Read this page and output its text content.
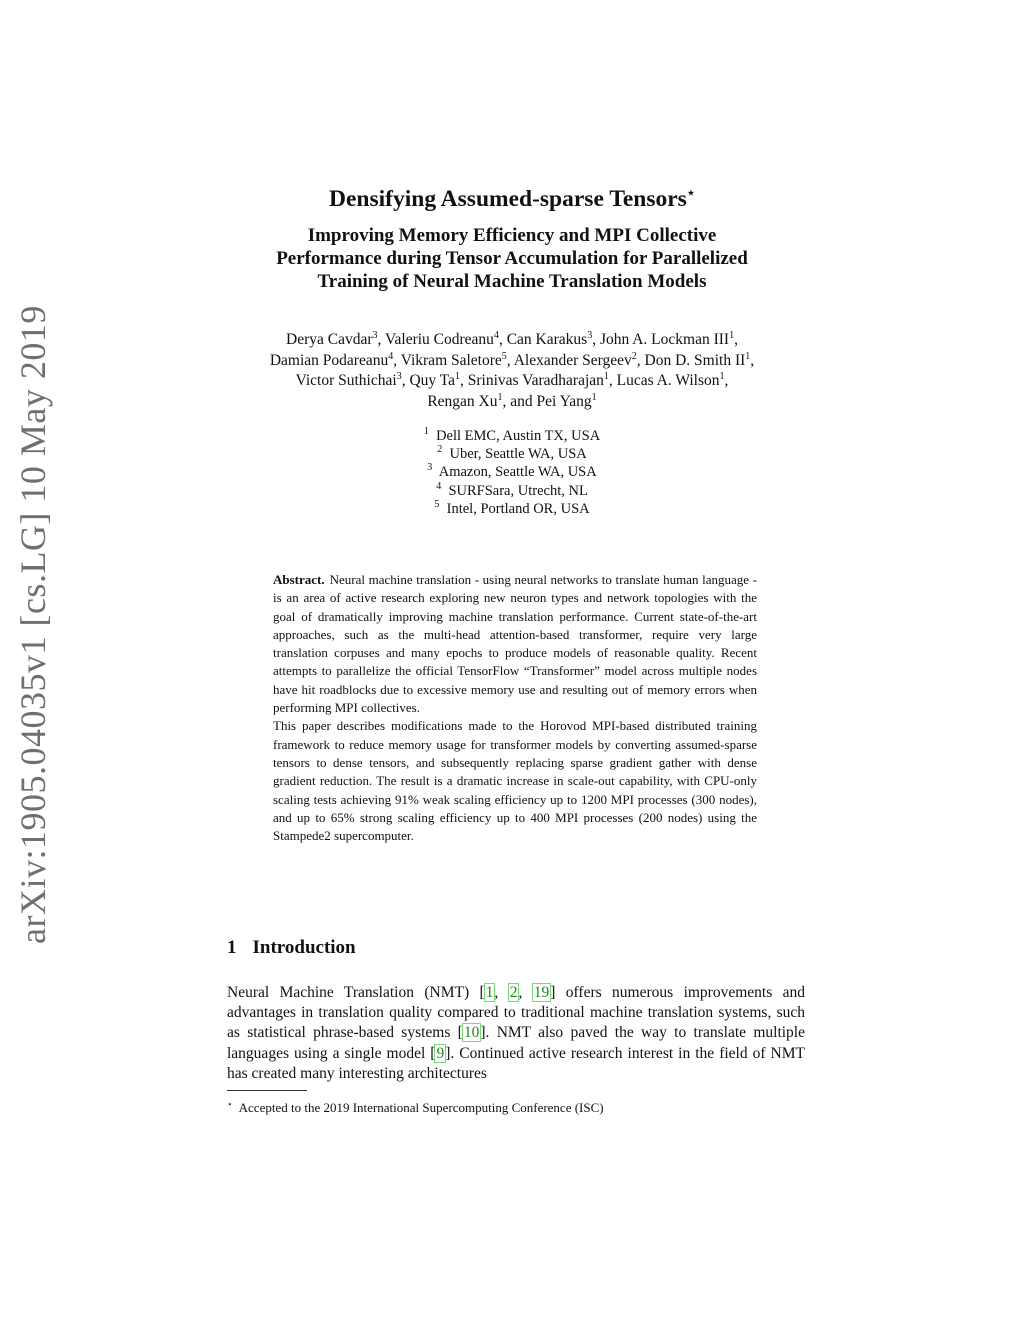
arXiv:1905.04035v1 [cs.LG] 10 May 2019
Densifying Assumed-sparse Tensors⋆
Improving Memory Efficiency and MPI Collective
Performance during Tensor Accumulation for Parallelized
Training of Neural Machine Translation Models
Derya Cavdar$^3$, Valeriu Codreanu$^4$, Can Karakus$^3$, John A. Lockman III$^1$,
Damian Podareanu$^4$, Vikram Saletore$^5$, Alexander Sergeev$^2$, Don D. Smith $II^1$,
Victor Suthichai$^3$, Quy Ta$^1$, Srinivas Varadharajan$^1$, Lucas A. Wilson$^1$,
Rengan Xu$^1$, and Pei Yang$^1$
$^1$ Dell EMC, Austin TX, USA
$^2$ Uber, Seattle WA, USA
$^3$ Amazon, Seattle WA, USA
$^4$ SURFSara, Utrecht, NL
$^5$ Intel, Portland OR, USA

Abstract. Neural machine translation - using neural networks to translate human language - is an area of active research exploring new neuron types and network topologies with the goal of dramatically improving machine translation performance. Current state-of-the-art approaches, such as the multi-head attention-based transformer, require very large translation corpuses and many epochs to produce models of reasonable quality. Recent attempts to parallelize the official TensorFlow “Transformer” model across multiple nodes have hit roadblocks due to excessive memory use and resulting out of memory errors when performing MPI collectives.

This paper describes modifications made to the Horovod MPI-based distributed training framework to reduce memory usage for transformer models by converting assumed-sparse tensors to dense tensors, and subsequently replacing sparse gradient gather with dense gradient reduction. The result is a dramatic increase in scale-out capability, with CPU-only scaling tests achieving 91% weak scaling efficiency up to 1200 MPI processes (300 nodes), and up to 65% strong scaling efficiency up to 400 MPI processes (200 nodes) using the Stampede2 supercomputer.

1 Introduction

Neural Machine Translation (NMT) [1, 2, 19] offers numerous improvements and advantages in translation quality compared to traditional machine translation systems, such as statistical phrase-based systems [10]. NMT also paved the way to translate multiple languages using a single model [9]. Continued active research interest in the field of NMT has created many interesting architectures

⋆ Accepted to the 2019 International Supercomputing Conference (ISC)
